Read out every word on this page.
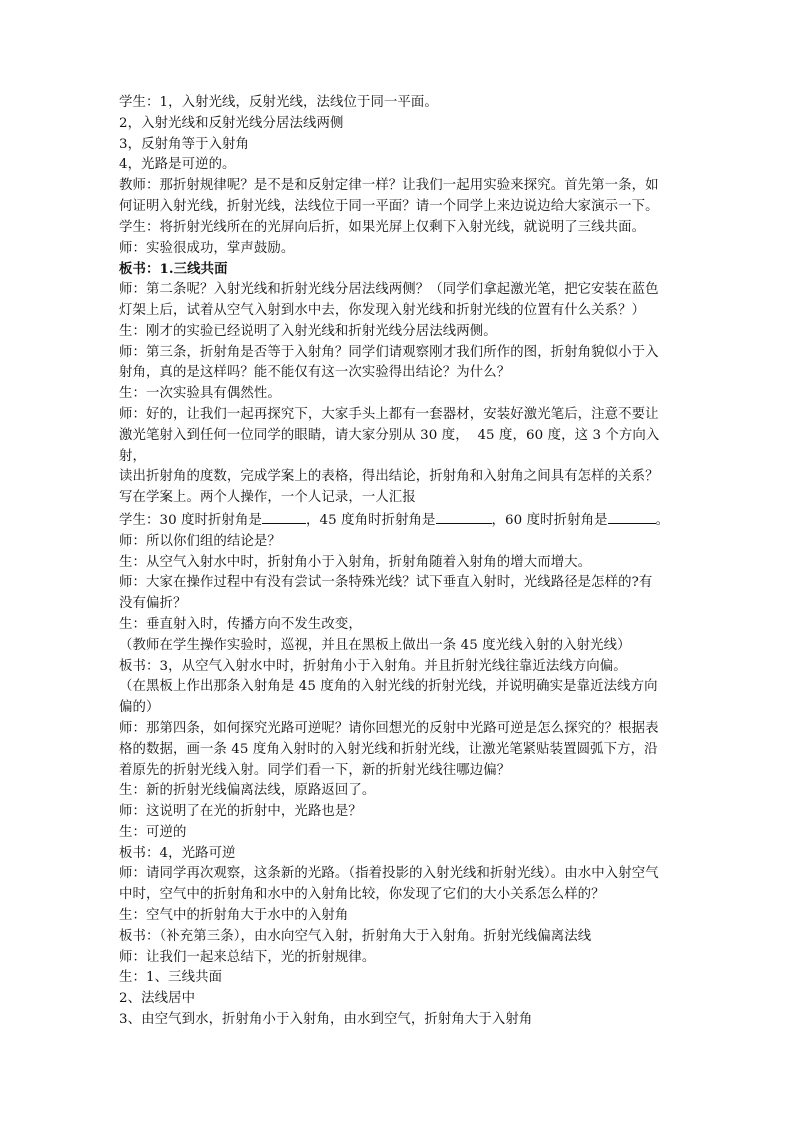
学生：1，入射光线，反射光线，法线位于同一平面。
2，入射光线和反射光线分居法线两侧
3，反射角等于入射角
4，光路是可逆的。
教师：那折射规律呢？是不是和反射定律一样？让我们一起用实验来探究。首先第一条，如
何证明入射光线，折射光线，法线位于同一平面？请一个同学上来边说边给大家演示一下。
学生：将折射光线所在的光屏向后折，如果光屏上仅剩下入射光线，就说明了三线共面。
师：实验很成功，掌声鼓励。
板书：1.三线共面
师：第二条呢？入射光线和折射光线分居法线两侧？（同学们拿起激光笔，把它安装在蓝色
灯架上后，试着从空气入射到水中去，你发现入射光线和折射光线的位置有什么关系？）
生：刚才的实验已经说明了入射光线和折射光线分居法线两侧。
师：第三条，折射角是否等于入射角？同学们请观察刚才我们所作的图，折射角貌似小于入
射角，真的是这样吗？能不能仅有这一次实验得出结论？为什么？
生：一次实验具有偶然性。
师：好的，让我们一起再探究下，大家手头上都有一套器材，安装好激光笔后，注意不要让
激光笔射入到任何一位同学的眼睛，请大家分别从 30 度，  45 度，60 度，这 3 个方向入射，
读出折射角的度数，完成学案上的表格，得出结论，折射角和入射角之间具有怎样的关系？
写在学案上。两个人操作，一个人记录，一人汇报
学生：30 度时折射角是	，45 度角时折射角是	，60 度时折射角是	。
师：所以你们组的结论是？
生：从空气入射水中时，折射角小于入射角，折射角随着入射角的增大而增大。
师：大家在操作过程中有没有尝试一条特殊光线？试下垂直入射时，光线路径是怎样的?有
没有偏折？
生：垂直射入时，传播方向不发生改变，
（教师在学生操作实验时，巡视，并且在黑板上做出一条 45 度光线入射的入射光线）
板书：3，从空气入射水中时，折射角小于入射角。并且折射光线往靠近法线方向偏。
（在黑板上作出那条入射角是 45 度角的入射光线的折射光线，并说明确实是靠近法线方向
偏的）
师：那第四条，如何探究光路可逆呢？请你回想光的反射中光路可逆是怎么探究的？根据表
格的数据，画一条 45 度角入射时的入射光线和折射光线，让激光笔紧贴装置圆弧下方，沿
着原先的折射光线入射。同学们看一下，新的折射光线往哪边偏？
生：新的折射光线偏离法线，原路返回了。
师：这说明了在光的折射中，光路也是？
生：可逆的
板书：4，光路可逆
师：请同学再次观察，这条新的光路。（指着投影的入射光线和折射光线）。由水中入射空气
中时，空气中的折射角和水中的入射角比较，你发现了它们的大小关系怎么样的？
生：空气中的折射角大于水中的入射角
板书：（补充第三条），由水向空气入射，折射角大于入射角。折射光线偏离法线
师：让我们一起来总结下，光的折射规律。
生：1、三线共面
2、法线居中
3、由空气到水，折射角小于入射角，由水到空气，折射角大于入射角
